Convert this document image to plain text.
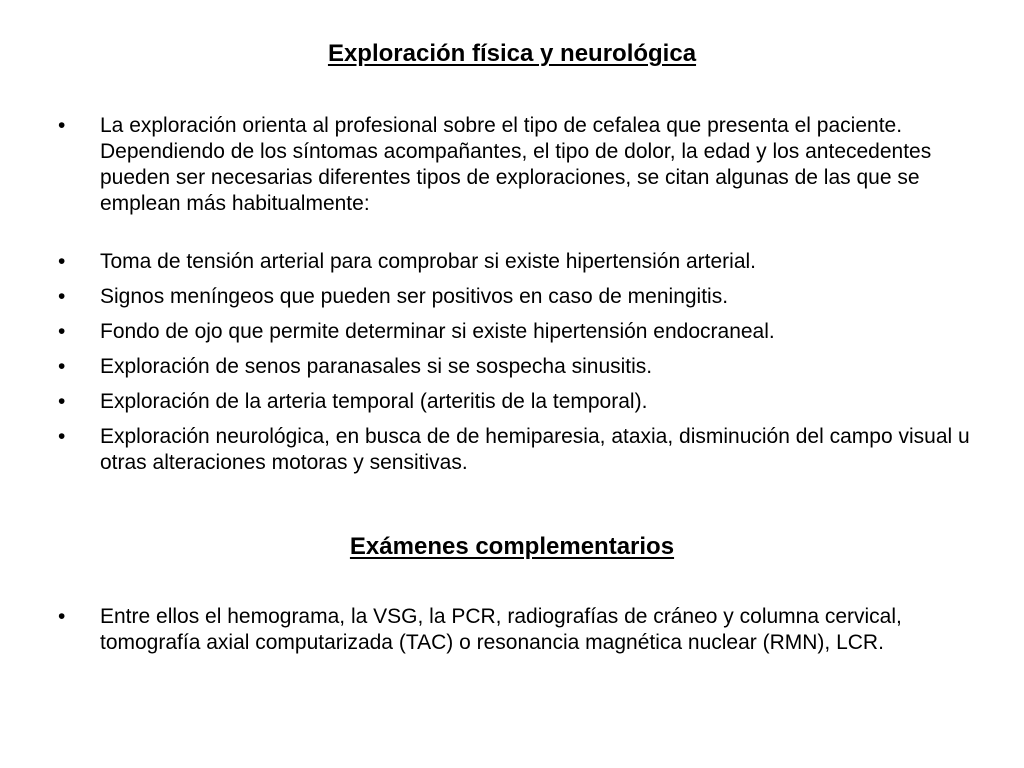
Exploración física y neurológica
•	La exploración orienta al profesional sobre el tipo de cefalea que presenta el paciente. Dependiendo de los síntomas acompañantes, el tipo de dolor, la edad y los antecedentes pueden ser necesarias diferentes tipos de exploraciones, se citan algunas de las que se emplean más habitualmente:
•	Toma de tensión arterial para comprobar si existe hipertensión arterial.
•	Signos meníngeos que pueden ser positivos en caso de meningitis.
•	Fondo de ojo que permite determinar si existe hipertensión endocraneal.
•	Exploración de senos paranasales si se sospecha sinusitis.
•	Exploración de la arteria temporal (arteritis de la temporal).
•	Exploración neurológica, en busca de de hemiparesia, ataxia, disminución del campo visual u otras alteraciones motoras y sensitivas.
Exámenes complementarios
•	Entre ellos el hemograma, la VSG, la PCR, radiografías de cráneo y columna cervical, tomografía axial computarizada (TAC) o resonancia magnética nuclear (RMN), LCR.
